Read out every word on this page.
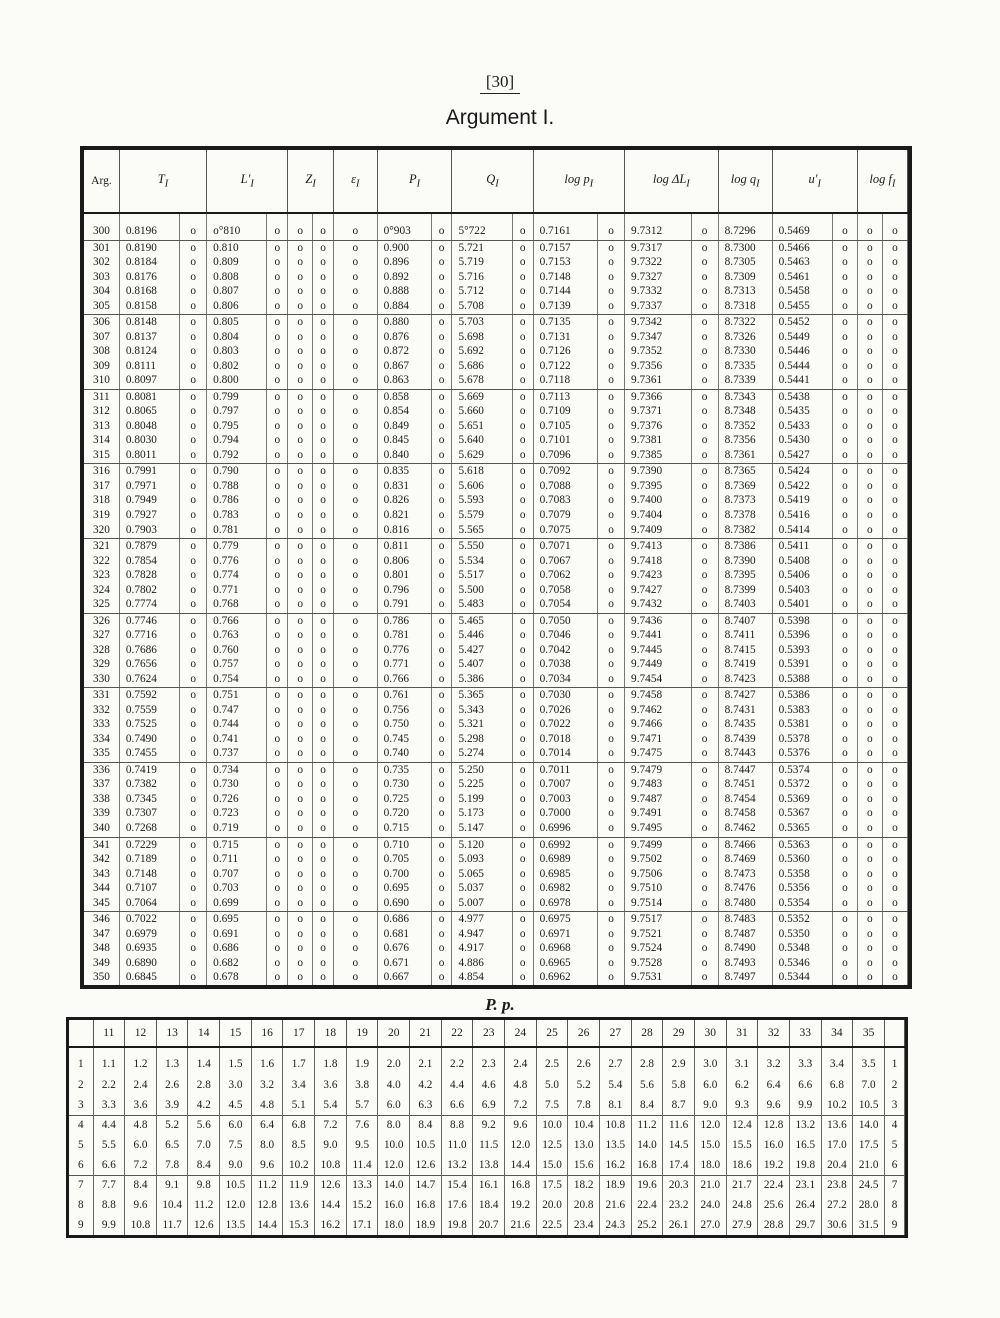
[30]
Argument I.
Arg.	$T_I$		$L'_I$		$Z_I$		$\varepsilon_I$	$P_I$		$Q_I$		$\log p_I$		$\log \Delta L_I$		$\log q_I$	$u'_I$		$\log f_I$

300	0.8196	o	o°810	o	o	o	o	0°903	o	5°722	o	0.7161	o	9.7312	o	8.7296	0.5469	o	o	o
301	0.8190	o	0.810	o	o	o	o	0.900	o	5.721	o	0.7157	o	9.7317	o	8.7300	0.5466	o	o	o
302	0.8184	o	0.809	o	o	o	o	0.896	o	5.719	o	0.7153	o	9.7322	o	8.7305	0.5463	o	o	o
303	0.8176	o	0.808	o	o	o	o	0.892	o	5.716	o	0.7148	o	9.7327	o	8.7309	0.5461	o	o	o
304	0.8168	o	0.807	o	o	o	o	0.888	o	5.712	o	0.7144	o	9.7332	o	8.7313	0.5458	o	o	o
305	0.8158	o	0.806	o	o	o	o	0.884	o	5.708	o	0.7139	o	9.7337	o	8.7318	0.5455	o	o	o
306	0.8148	o	0.805	o	o	o	o	0.880	o	5.703	o	0.7135	o	9.7342	o	8.7322	0.5452	o	o	o
307	0.8137	o	0.804	o	o	o	o	0.876	o	5.698	o	0.7131	o	9.7347	o	8.7326	0.5449	o	o	o
308	0.8124	o	0.803	o	o	o	o	0.872	o	5.692	o	0.7126	o	9.7352	o	8.7330	0.5446	o	o	o
309	0.8111	o	0.802	o	o	o	o	0.867	o	5.686	o	0.7122	o	9.7356	o	8.7335	0.5444	o	o	o
310	0.8097	o	0.800	o	o	o	o	0.863	o	5.678	o	0.7118	o	9.7361	o	8.7339	0.5441	o	o	o
311	0.8081	o	0.799	o	o	o	o	0.858	o	5.669	o	0.7113	o	9.7366	o	8.7343	0.5438	o	o	o
312	0.8065	o	0.797	o	o	o	o	0.854	o	5.660	o	0.7109	o	9.7371	o	8.7348	0.5435	o	o	o
313	0.8048	o	0.795	o	o	o	o	0.849	o	5.651	o	0.7105	o	9.7376	o	8.7352	0.5433	o	o	o
314	0.8030	o	0.794	o	o	o	o	0.845	o	5.640	o	0.7101	o	9.7381	o	8.7356	0.5430	o	o	o
315	0.8011	o	0.792	o	o	o	o	0.840	o	5.629	o	0.7096	o	9.7385	o	8.7361	0.5427	o	o	o
316	0.7991	o	0.790	o	o	o	o	0.835	o	5.618	o	0.7092	o	9.7390	o	8.7365	0.5424	o	o	o
317	0.7971	o	0.788	o	o	o	o	0.831	o	5.606	o	0.7088	o	9.7395	o	8.7369	0.5422	o	o	o
318	0.7949	o	0.786	o	o	o	o	0.826	o	5.593	o	0.7083	o	9.7400	o	8.7373	0.5419	o	o	o
319	0.7927	o	0.783	o	o	o	o	0.821	o	5.579	o	0.7079	o	9.7404	o	8.7378	0.5416	o	o	o
320	0.7903	o	0.781	o	o	o	o	0.816	o	5.565	o	0.7075	o	9.7409	o	8.7382	0.5414	o	o	o
321	0.7879	o	0.779	o	o	o	o	0.811	o	5.550	o	0.7071	o	9.7413	o	8.7386	0.5411	o	o	o
322	0.7854	o	0.776	o	o	o	o	0.806	o	5.534	o	0.7067	o	9.7418	o	8.7390	0.5408	o	o	o
323	0.7828	o	0.774	o	o	o	o	0.801	o	5.517	o	0.7062	o	9.7423	o	8.7395	0.5406	o	o	o
324	0.7802	o	0.771	o	o	o	o	0.796	o	5.500	o	0.7058	o	9.7427	o	8.7399	0.5403	o	o	o
325	0.7774	o	0.768	o	o	o	o	0.791	o	5.483	o	0.7054	o	9.7432	o	8.7403	0.5401	o	o	o
326	0.7746	o	0.766	o	o	o	o	0.786	o	5.465	o	0.7050	o	9.7436	o	8.7407	0.5398	o	o	o
327	0.7716	o	0.763	o	o	o	o	0.781	o	5.446	o	0.7046	o	9.7441	o	8.7411	0.5396	o	o	o
328	0.7686	o	0.760	o	o	o	o	0.776	o	5.427	o	0.7042	o	9.7445	o	8.7415	0.5393	o	o	o
329	0.7656	o	0.757	o	o	o	o	0.771	o	5.407	o	0.7038	o	9.7449	o	8.7419	0.5391	o	o	o
330	0.7624	o	0.754	o	o	o	o	0.766	o	5.386	o	0.7034	o	9.7454	o	8.7423	0.5388	o	o	o
331	0.7592	o	0.751	o	o	o	o	0.761	o	5.365	o	0.7030	o	9.7458	o	8.7427	0.5386	o	o	o
332	0.7559	o	0.747	o	o	o	o	0.756	o	5.343	o	0.7026	o	9.7462	o	8.7431	0.5383	o	o	o
333	0.7525	o	0.744	o	o	o	o	0.750	o	5.321	o	0.7022	o	9.7466	o	8.7435	0.5381	o	o	o
334	0.7490	o	0.741	o	o	o	o	0.745	o	5.298	o	0.7018	o	9.7471	o	8.7439	0.5378	o	o	o
335	0.7455	o	0.737	o	o	o	o	0.740	o	5.274	o	0.7014	o	9.7475	o	8.7443	0.5376	o	o	o
336	0.7419	o	0.734	o	o	o	o	0.735	o	5.250	o	0.7011	o	9.7479	o	8.7447	0.5374	o	o	o
337	0.7382	o	0.730	o	o	o	o	0.730	o	5.225	o	0.7007	o	9.7483	o	8.7451	0.5372	o	o	o
338	0.7345	o	0.726	o	o	o	o	0.725	o	5.199	o	0.7003	o	9.7487	o	8.7454	0.5369	o	o	o
339	0.7307	o	0.723	o	o	o	o	0.720	o	5.173	o	0.7000	o	9.7491	o	8.7458	0.5367	o	o	o
340	0.7268	o	0.719	o	o	o	o	0.715	o	5.147	o	0.6996	o	9.7495	o	8.7462	0.5365	o	o	o
341	0.7229	o	0.715	o	o	o	o	0.710	o	5.120	o	0.6992	o	9.7499	o	8.7466	0.5363	o	o	o
342	0.7189	o	0.711	o	o	o	o	0.705	o	5.093	o	0.6989	o	9.7502	o	8.7469	0.5360	o	o	o
343	0.7148	o	0.707	o	o	o	o	0.700	o	5.065	o	0.6985	o	9.7506	o	8.7473	0.5358	o	o	o
344	0.7107	o	0.703	o	o	o	o	0.695	o	5.037	o	0.6982	o	9.7510	o	8.7476	0.5356	o	o	o
345	0.7064	o	0.699	o	o	o	o	0.690	o	5.007	o	0.6978	o	9.7514	o	8.7480	0.5354	o	o	o
346	0.7022	o	0.695	o	o	o	o	0.686	o	4.977	o	0.6975	o	9.7517	o	8.7483	0.5352	o	o	o
347	0.6979	o	0.691	o	o	o	o	0.681	o	4.947	o	0.6971	o	9.7521	o	8.7487	0.5350	o	o	o
348	0.6935	o	0.686	o	o	o	o	0.676	o	4.917	o	0.6968	o	9.7524	o	8.7490	0.5348	o	o	o
349	0.6890	o	0.682	o	o	o	o	0.671	o	4.886	o	0.6965	o	9.7528	o	8.7493	0.5346	o	o	o
350	0.6845	o	0.678	o	o	o	o	0.667	o	4.854	o	0.6962	o	9.7531	o	8.7497	0.5344	o	o	o
P. p.
	11	12	13	14	15	16	17	18	19	20	21	22	23	24	25	26	27	28	29	30	31	32	33	34	35	
1	1.1	1.2	1.3	1.4	1.5	1.6	1.7	1.8	1.9	2.0	2.1	2.2	2.3	2.4	2.5	2.6	2.7	2.8	2.9	3.0	3.1	3.2	3.3	3.4	3.5	1
2	2.2	2.4	2.6	2.8	3.0	3.2	3.4	3.6	3.8	4.0	4.2	4.4	4.6	4.8	5.0	5.2	5.4	5.6	5.8	6.0	6.2	6.4	6.6	6.8	7.0	2
3	3.3	3.6	3.9	4.2	4.5	4.8	5.1	5.4	5.7	6.0	6.3	6.6	6.9	7.2	7.5	7.8	8.1	8.4	8.7	9.0	9.3	9.6	9.9	10.2	10.5	3
4	4.4	4.8	5.2	5.6	6.0	6.4	6.8	7.2	7.6	8.0	8.4	8.8	9.2	9.6	10.0	10.4	10.8	11.2	11.6	12.0	12.4	12.8	13.2	13.6	14.0	4
5	5.5	6.0	6.5	7.0	7.5	8.0	8.5	9.0	9.5	10.0	10.5	11.0	11.5	12.0	12.5	13.0	13.5	14.0	14.5	15.0	15.5	16.0	16.5	17.0	17.5	5
6	6.6	7.2	7.8	8.4	9.0	9.6	10.2	10.8	11.4	12.0	12.6	13.2	13.8	14.4	15.0	15.6	16.2	16.8	17.4	18.0	18.6	19.2	19.8	20.4	21.0	6
7	7.7	8.4	9.1	9.8	10.5	11.2	11.9	12.6	13.3	14.0	14.7	15.4	16.1	16.8	17.5	18.2	18.9	19.6	20.3	21.0	21.7	22.4	23.1	23.8	24.5	7
8	8.8	9.6	10.4	11.2	12.0	12.8	13.6	14.4	15.2	16.0	16.8	17.6	18.4	19.2	20.0	20.8	21.6	22.4	23.2	24.0	24.8	25.6	26.4	27.2	28.0	8
9	9.9	10.8	11.7	12.6	13.5	14.4	15.3	16.2	17.1	18.0	18.9	19.8	20.7	21.6	22.5	23.4	24.3	25.2	26.1	27.0	27.9	28.8	29.7	30.6	31.5	9
